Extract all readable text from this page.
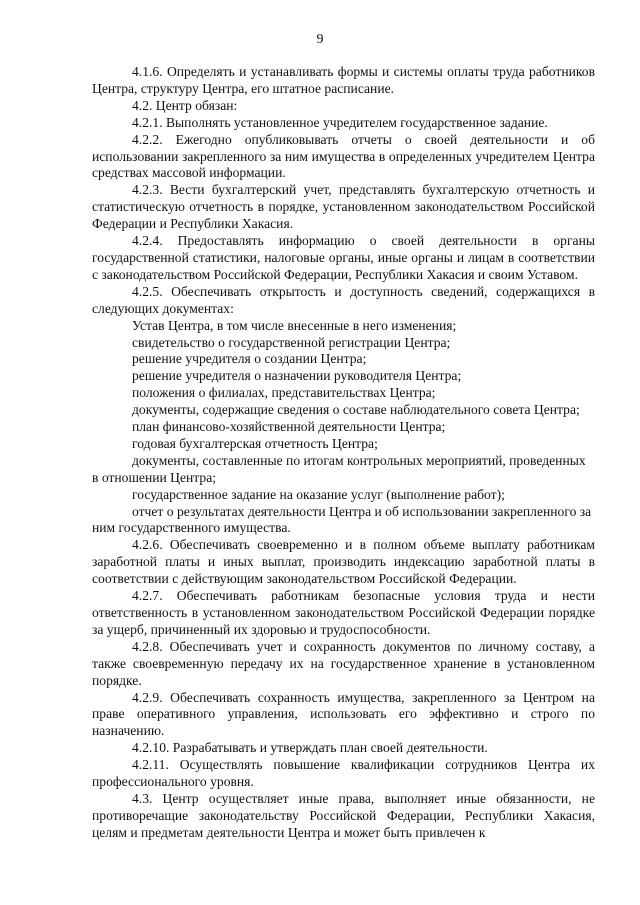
9

4.1.6. Определять и устанавливать формы и системы оплаты труда работников Центра, структуру Центра, его штатное расписание.

4.2. Центр обязан:

4.2.1. Выполнять установленное учредителем государственное задание.

4.2.2. Ежегодно опубликовывать отчеты о своей деятельности и об использовании закрепленного за ним имущества в определенных учредителем Центра средствах массовой информации.

4.2.3. Вести бухгалтерский учет, представлять бухгалтерскую отчетность и статистическую отчетность в порядке, установленном законодательством Российской Федерации и Республики Хакасия.

4.2.4. Предоставлять информацию о своей деятельности в органы государственной статистики, налоговые органы, иные органы и лицам в соответствии с законодательством Российской Федерации, Республики Хакасия и своим Уставом.

4.2.5. Обеспечивать открытость и доступность сведений, содержащихся в следующих документах:

Устав Центра, в том числе внесенные в него изменения;

свидетельство о государственной регистрации Центра;

решение учредителя о создании Центра;

решение учредителя о назначении руководителя Центра;

положения о филиалах, представительствах Центра;

документы, содержащие сведения о составе наблюдательного совета Центра;

план финансово-хозяйственной деятельности Центра;

годовая бухгалтерская отчетность Центра;

документы, составленные по итогам контрольных мероприятий, проведенных в отношении Центра;

государственное задание на оказание услуг (выполнение работ);

отчет о результатах деятельности Центра и об использовании закрепленного за ним государственного имущества.

4.2.6. Обеспечивать своевременно и в полном объеме выплату работникам заработной платы и иных выплат, производить индексацию заработной платы в соответствии с действующим законодательством Российской Федерации.

4.2.7. Обеспечивать работникам безопасные условия труда и нести ответственность в установленном законодательством Российской Федерации порядке за ущерб, причиненный их здоровью и трудоспособности.

4.2.8. Обеспечивать учет и сохранность документов по личному составу, а также своевременную передачу их на государственное хранение в установленном порядке.

4.2.9. Обеспечивать сохранность имущества, закрепленного за Центром на праве оперативного управления, использовать его эффективно и строго по назначению.

4.2.10. Разрабатывать и утверждать план своей деятельности.

4.2.11. Осуществлять повышение квалификации сотрудников Центра их профессионального уровня.

4.3. Центр осуществляет иные права, выполняет иные обязанности, не противоречащие законодательству Российской Федерации, Республики Хакасия, целям и предметам деятельности Центра и может быть привлечен к
